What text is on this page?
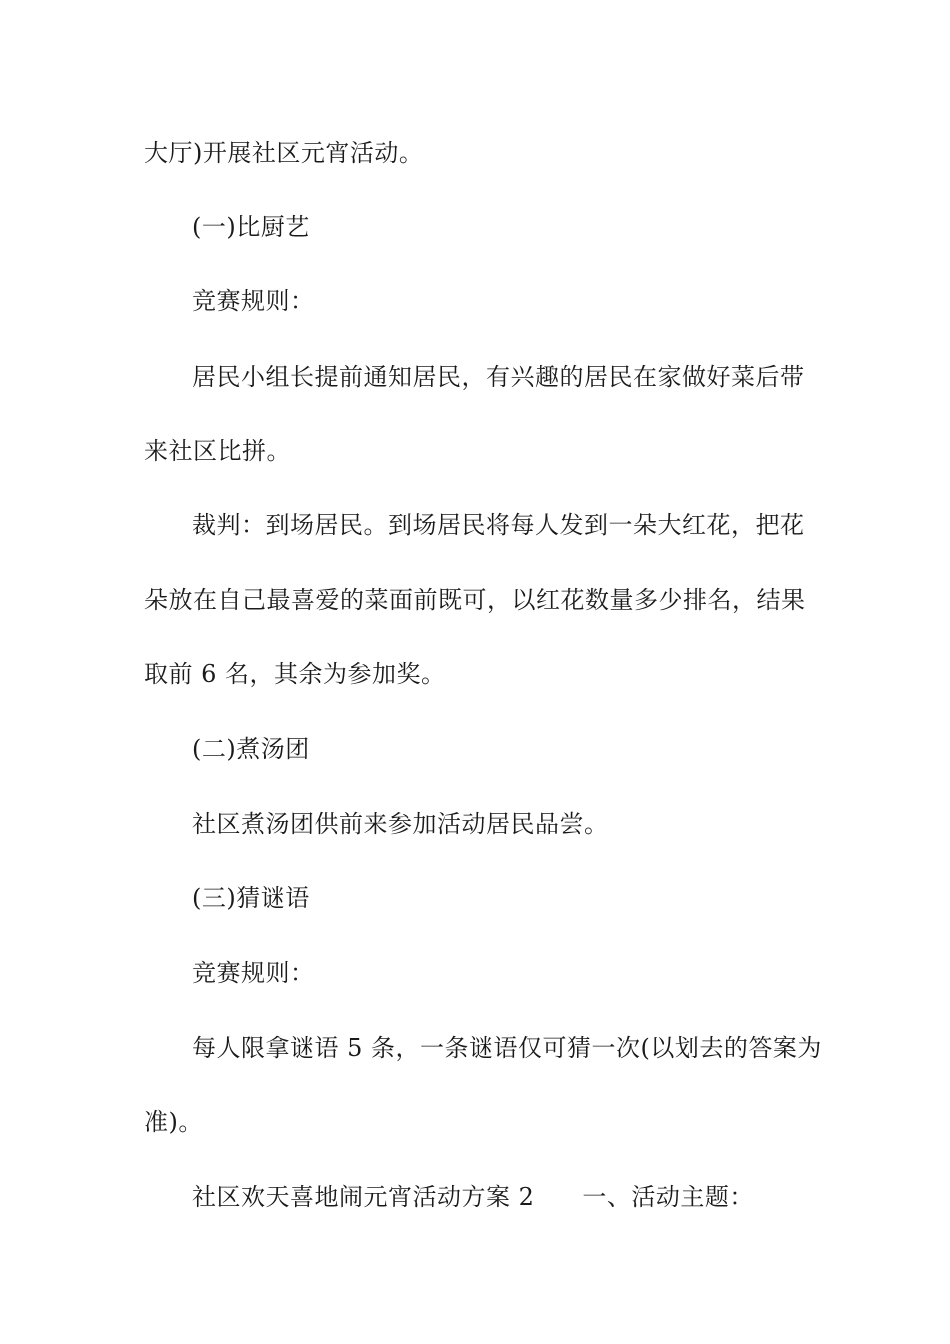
大厅)开展社区元宵活动。
(一)比厨艺
竞赛规则：
居民小组长提前通知居民，有兴趣的居民在家做好菜后带
来社区比拼。
裁判：到场居民。到场居民将每人发到一朵大红花，把花
朵放在自己最喜爱的菜面前既可，以红花数量多少排名，结果
取前 6 名，其余为参加奖。
(二)煮汤团
社区煮汤团供前来参加活动居民品尝。
(三)猜谜语
竞赛规则：
每人限拿谜语 5 条，一条谜语仅可猜一次(以划去的答案为
准)。
社区欢天喜地闹元宵活动方案 2 一、活动主题：
